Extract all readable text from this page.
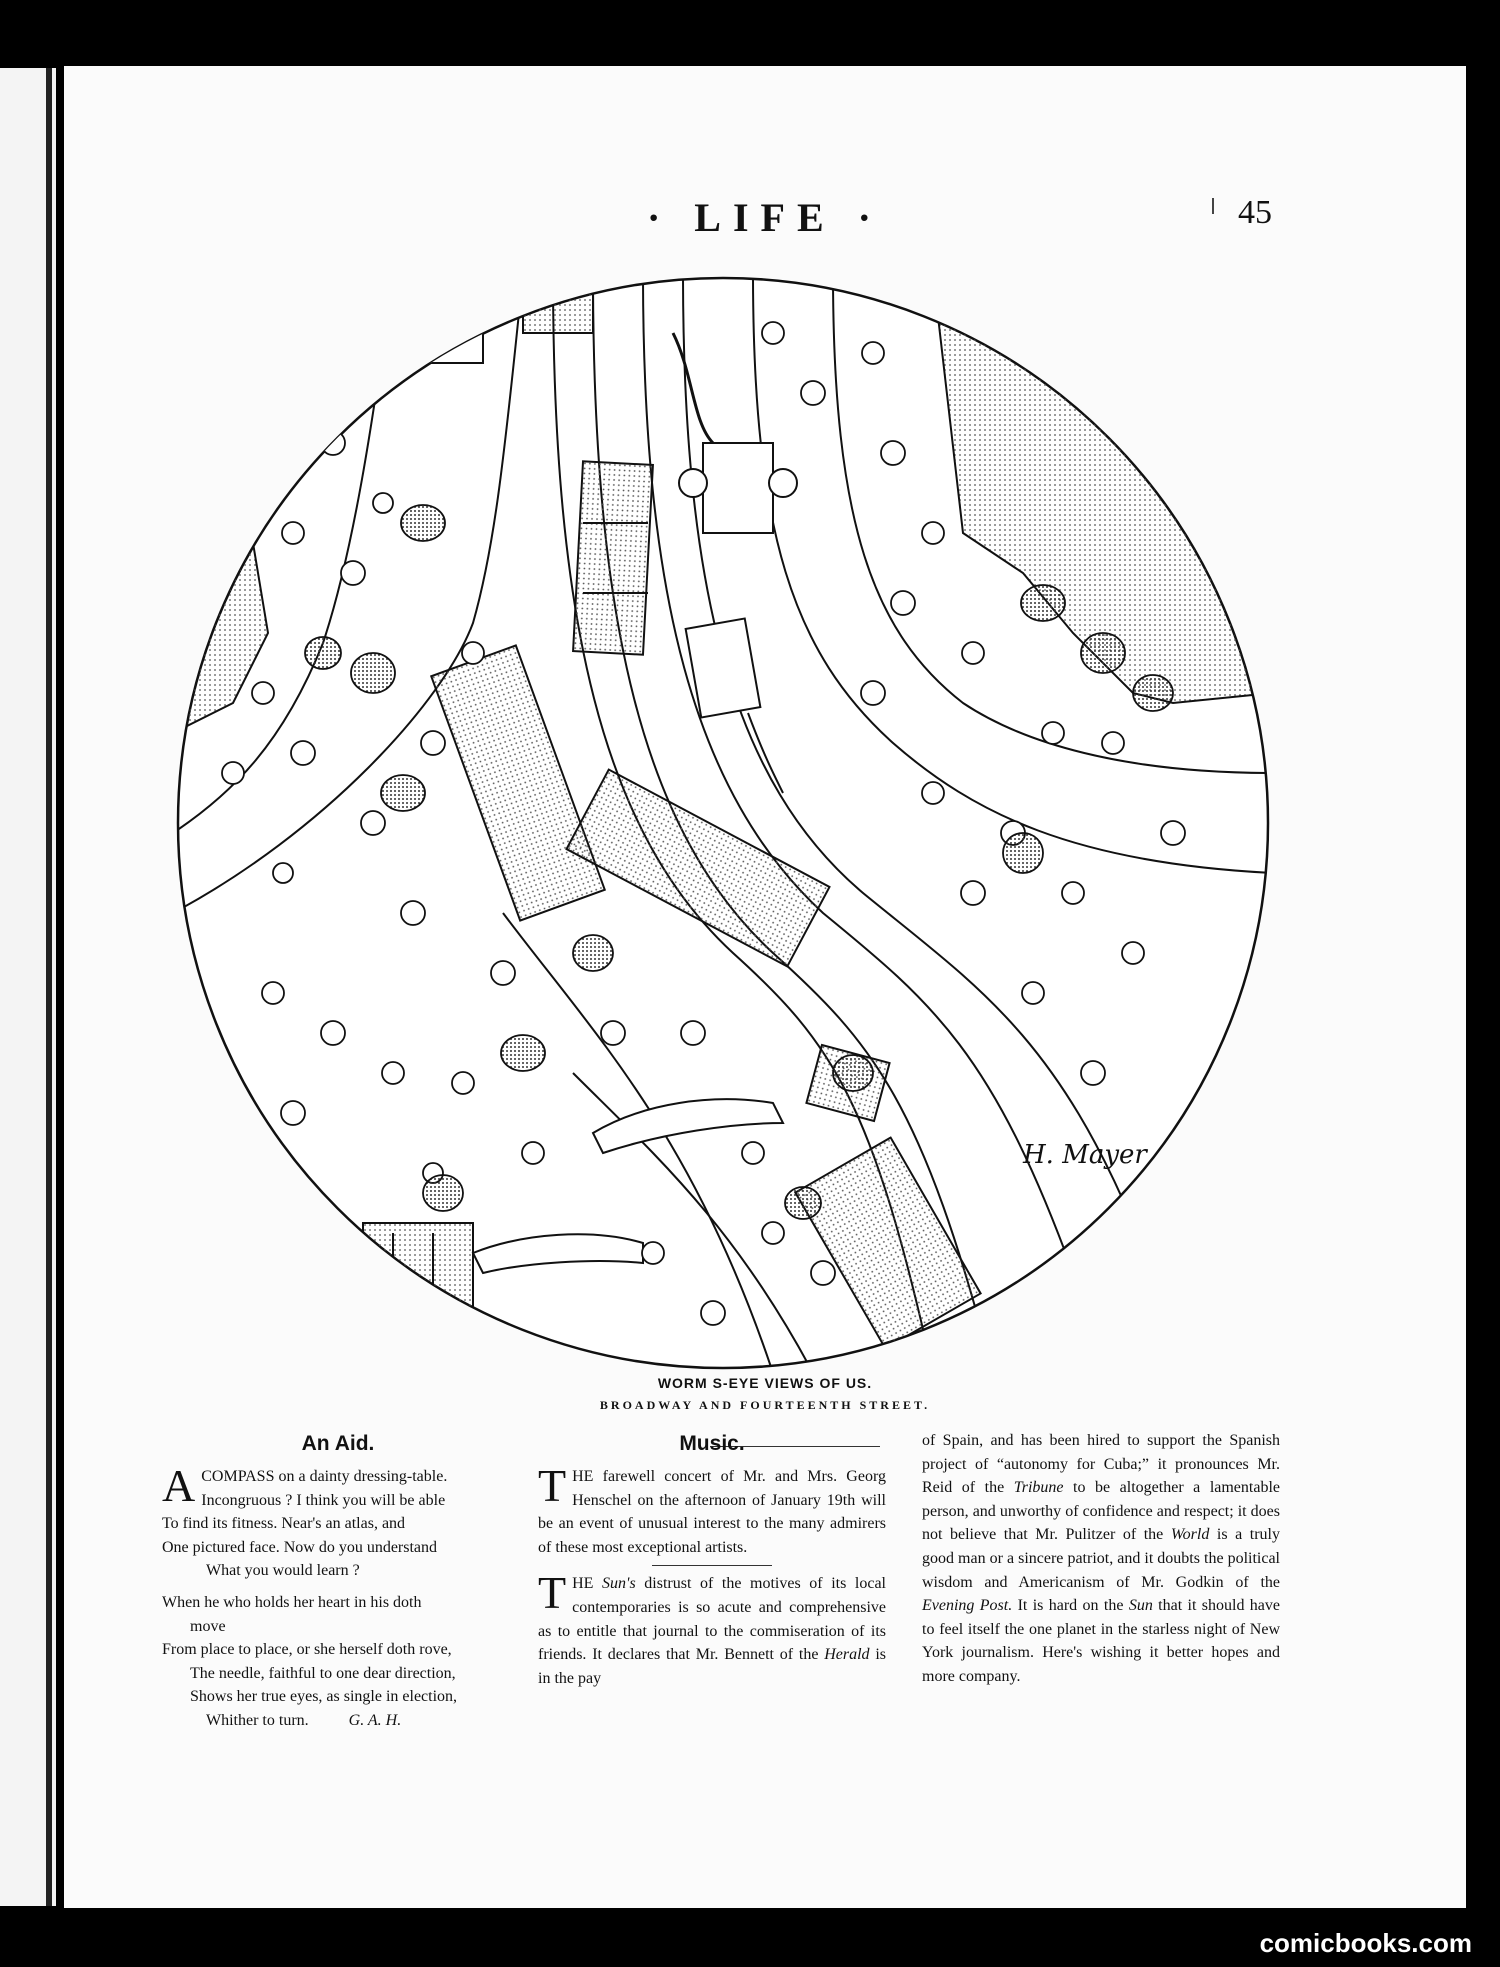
· LIFE ·	45
H. Mayer
WORM S-EYE VIEWS OF US.
BROADWAY AND FOURTEENTH STREET.
An Aid.
A COMPASS on a dainty dressing-table.
Incongruous ? I think you will be able
To find its fitness. Near's an atlas, and
One pictured face. Now do you understand
What you would learn ?
When he who holds her heart in his doth
move
From place to place, or she herself doth rove,
The needle, faithful to one dear direction,
Shows her true eyes, as single in election,
Whither to turn.	G. A. H.
Music.

THE farewell concert of Mr. and Mrs. Georg Henschel on the afternoon of January 19th will be an event of unusual interest to the many admirers of these most exceptional artists.

THE Sun's distrust of the motives of its local contemporaries is so acute and comprehensive as to entitle that journal to the commiseration of its friends. It declares that Mr. Bennett of the Herald is in the pay

of Spain, and has been hired to support the Spanish project of “autonomy for Cuba;” it pronounces Mr. Reid of the Tribune to be altogether a lamentable person, and unworthy of confidence and respect; it does not believe that Mr. Pulitzer of the World is a truly good man or a sincere patriot, and it doubts the political wisdom and Americanism of Mr. Godkin of the Evening Post. It is hard on the Sun that it should have to feel itself the one planet in the starless night of New York journalism. Here's wishing it better hopes and more company.

comicbooks.com
